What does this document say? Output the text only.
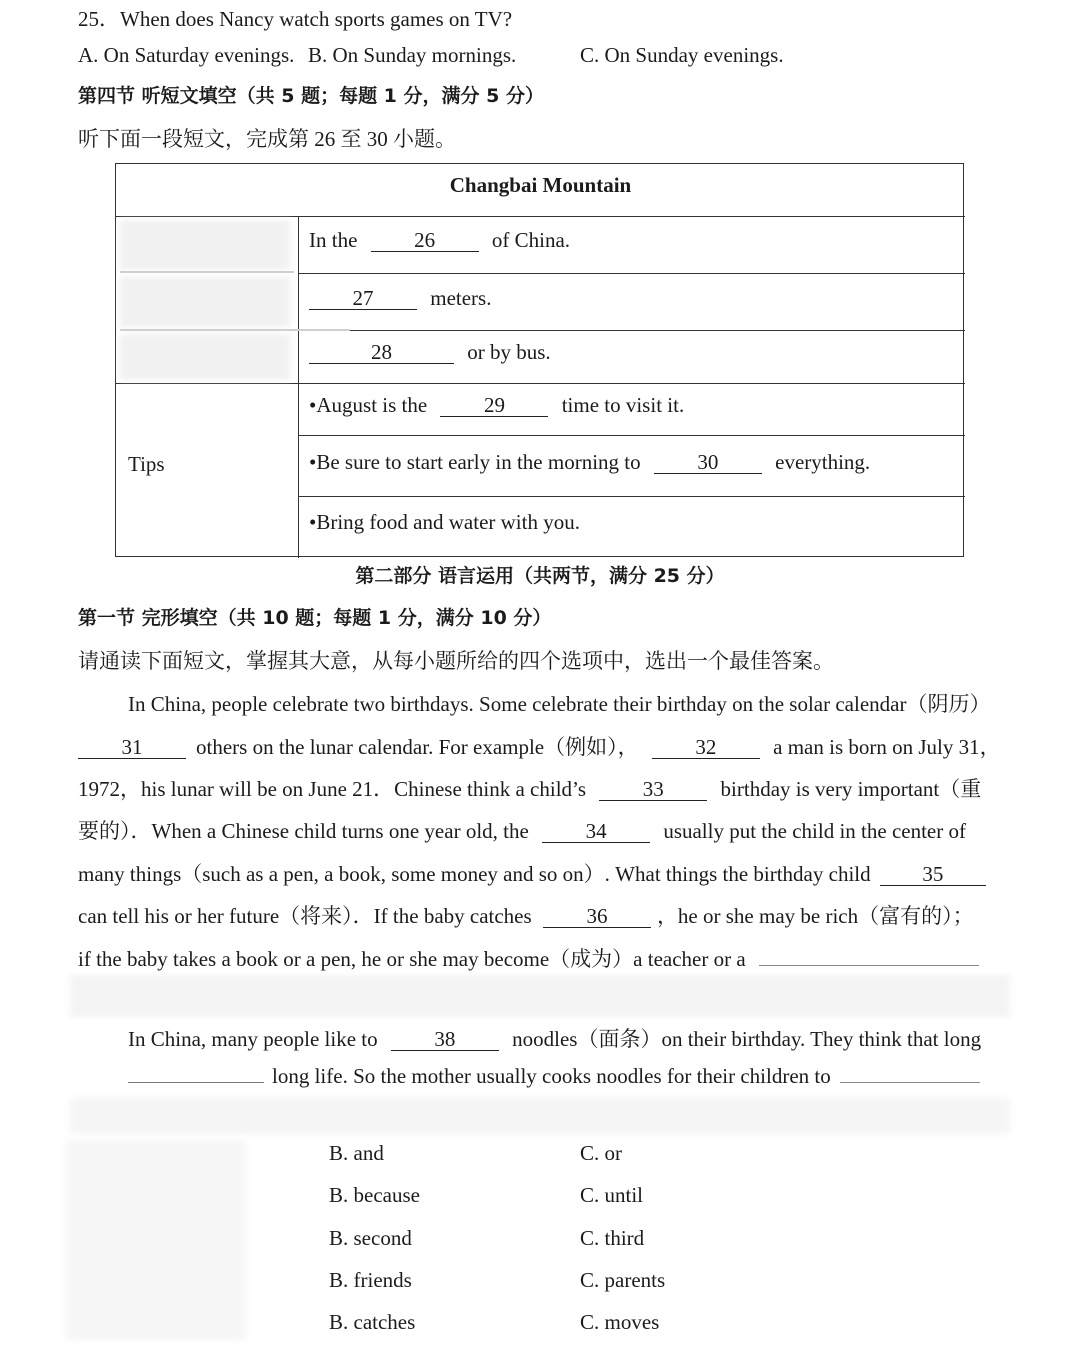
25．When does Nancy watch sports games on TV?
A. On Saturday evenings. B. On Sunday mornings.	C. On Sunday evenings.
第四节 听短文填空（共 5 题；每题 1 分，满分 5 分）
听下面一段短文，完成第 26 至 30 小题。
Changbai Mountain
In the	26	of China.
27	meters.
28	or by bus.
Tips
•August is the	29	time to visit it.
•Be sure to start early in the morning to	30	everything.
•Bring food and water with you.
第二部分 语言运用（共两节，满分 25 分）
第一节 完形填空（共 10 题；每题 1 分，满分 10 分）
请通读下面短文，掌握其大意，从每小题所给的四个选项中，选出一个最佳答案。
In China, people celebrate two birthdays. Some celebrate their birthday on the solar calendar（阴历）
31	others on the lunar calendar. For example（例如），	32	a man is born on July 31，
1972，his lunar will be on June 21．Chinese think a child’s	33	birthday is very important（重
要的）．When a Chinese child turns one year old, the	34	usually put the child in the center of
many things（such as a pen, a book, some money and so on）. What things the birthday child 35
can tell his or her future（将来）．If the baby catches	36 ，he or she may be rich（富有的）；
if the baby takes a book or a pen, he or she may become（成为）a teacher or a
In China, many people like to	38	noodles（面条）on their birthday. They think that long
long life. So the mother usually cooks noodles for their children to
B. and	C. or
B. because	C. until
B. second	C. third
B. friends	C. parents
B. catches	C. moves
